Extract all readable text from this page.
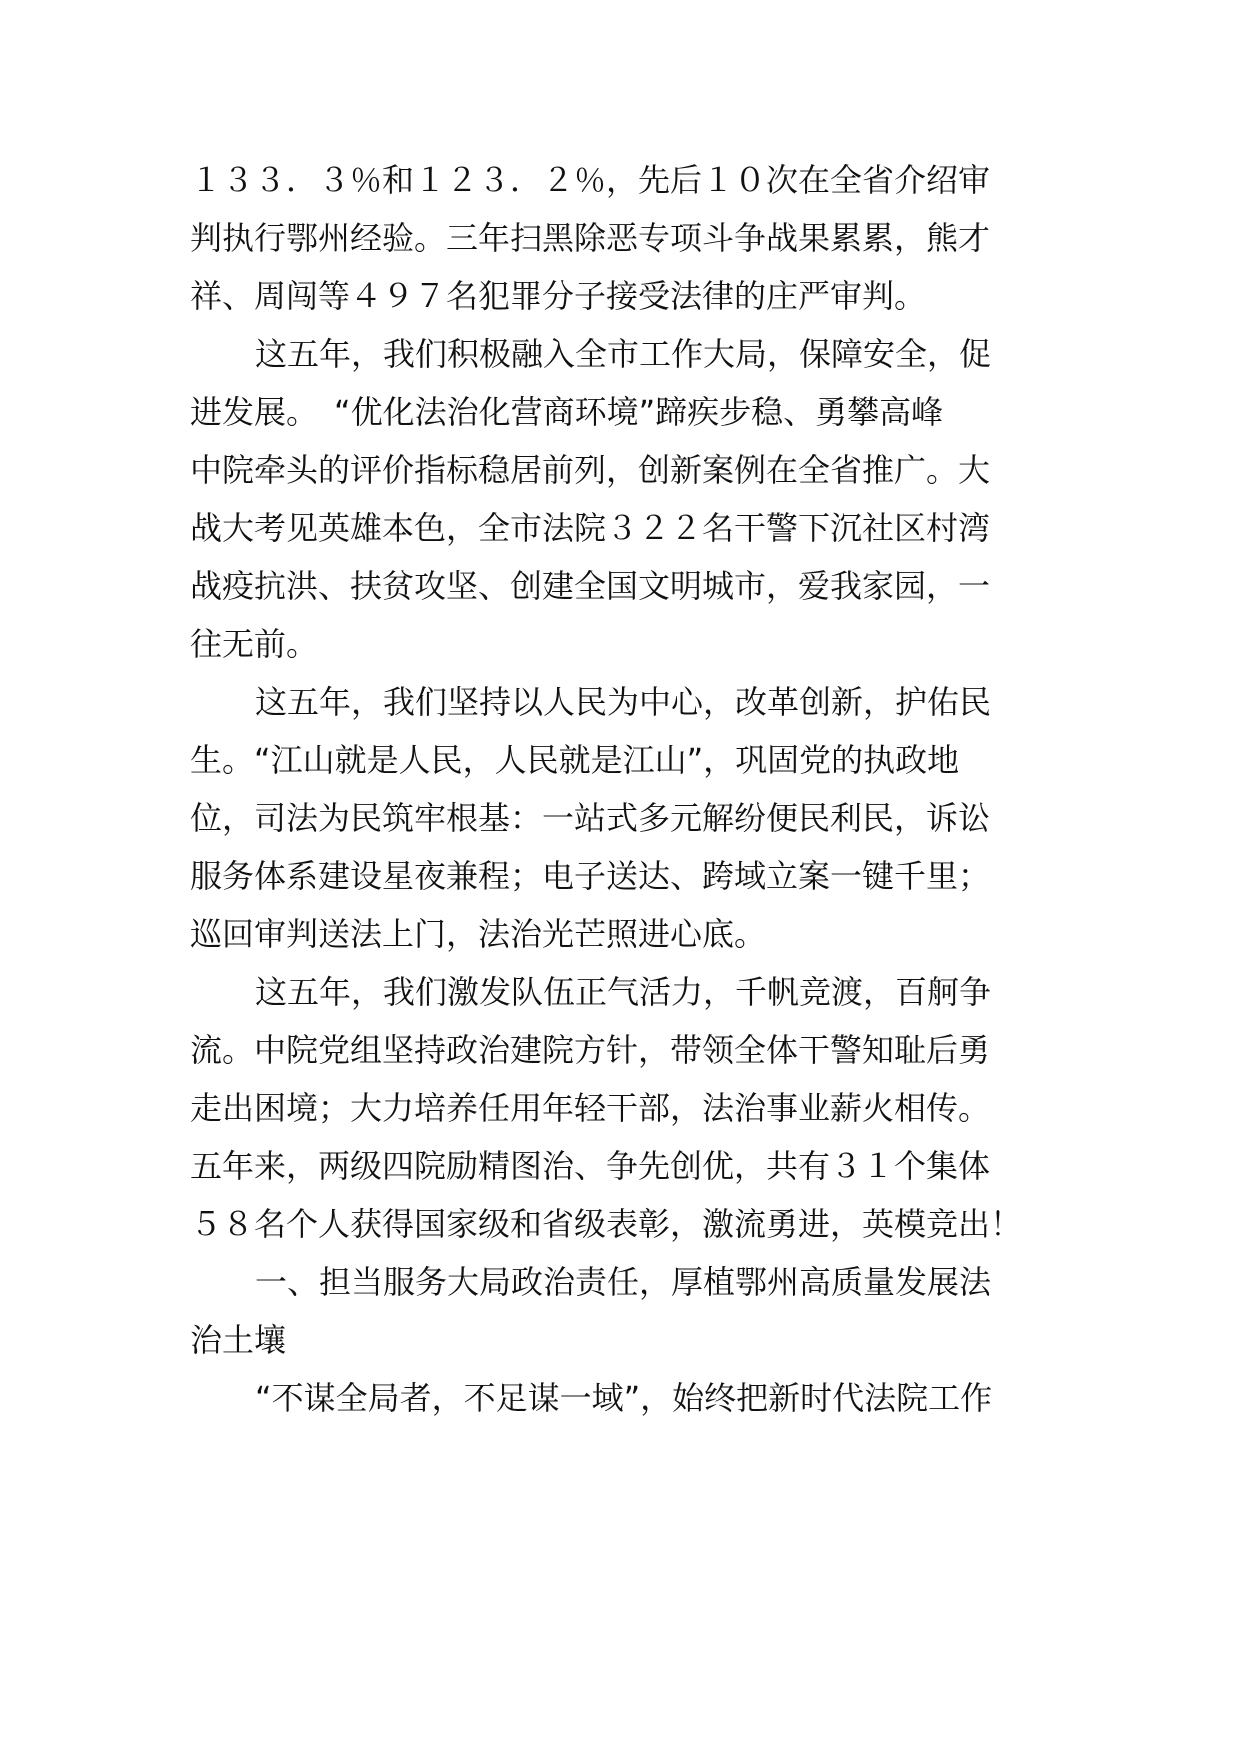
１３３．３％和１２３．２％，先后１０次在全省介绍审
判执行鄂州经验。三年扫黑除恶专项斗争战果累累，熊才
祥、周闯等４９７名犯罪分子接受法律的庄严审判。
这五年，我们积极融入全市工作大局，保障安全，促
进发展。　“优化法治化营商环境”蹄疾步稳、勇攀高峰
中院牵头的评价指标稳居前列，创新案例在全省推广。大
战大考见英雄本色，全市法院３２２名干警下沉社区村湾
战疫抗洪、扶贫攻坚、创建全国文明城市，爱我家园，一
往无前。
这五年，我们坚持以人民为中心，改革创新，护佑民
生。“江山就是人民，人民就是江山”，巩固党的执政地
位，司法为民筑牢根基：一站式多元解纷便民利民，诉讼
服务体系建设星夜兼程；电子送达、跨域立案一键千里；
巡回审判送法上门，法治光芒照进心底。
这五年，我们激发队伍正气活力，千帆竞渡，百舸争
流。中院党组坚持政治建院方针，带领全体干警知耻后勇
走出困境；大力培养任用年轻干部，法治事业薪火相传。
五年来，两级四院励精图治、争先创优，共有３１个集体
５８名个人获得国家级和省级表彰，激流勇进，英模竞出！
一、担当服务大局政治责任，厚植鄂州高质量发展法
治土壤
“不谋全局者，不足谋一域”，始终把新时代法院工作
